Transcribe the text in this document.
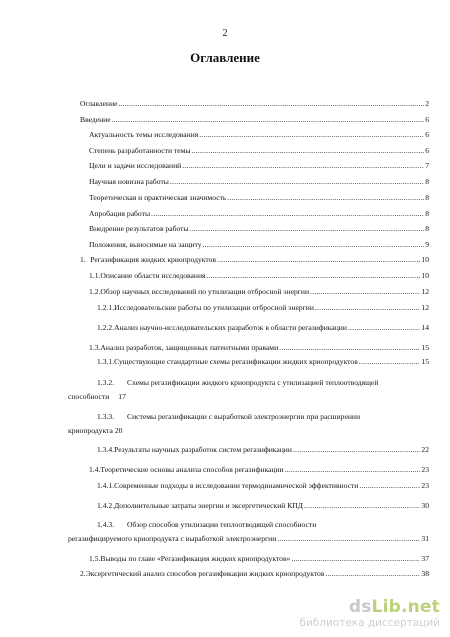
2
Оглавление
Оглавление .....	2
Введение .....	6
Актуальность темы исследования .....	6
Степень разработанности темы .....	6
Цели и задачи исследований .....	7
Научная новизна работы .....	8
Теоретическая и практическая значимость .....	8
Апробация работы .....	8
Внедрение результатов работы .....	8
Положения, выносимые на защиту .....	9
1. Регазификация жидких криопродуктов .....	10
1.1. Описание области исследования .....	10
1.2. Обзор научных исследований по утилизации отбросной энергии .....	12
1.2.1. Исследовательские работы по утилизации отбросной энергии .....	12
1.2.2. Анализ научно-исследовательских разработок в области регазификации .....	14
1.3. Анализ разработок, защищенных патентными правами .....	15
1.3.1. Существующие стандартные схемы регазификации жидких криопродуктов .....	15
1.3.2. Схемы регазификации жидкого криопродукта с утилизацией теплоотводящей
способности 17
1.3.3. Системы регазификации с выработкой электроэнергии при расширении
криопродукта 20
1.3.4. Результаты научных разработок систем регазификации .....	22
1.4. Теоретические основы анализа способов регазификации .....	23
1.4.1. Современные подходы в исследовании термодинамической эффективности .....	23
1.4.2. Дополнительные затраты энергии и эксергетический КПД .....	30
1.4.3. Обзор способов утилизации теплоотводящей способности
регазифицируемого криопродукта с выработкой электроэнергии .....	31
1.5. Выводы по главе «Регазификация жидких криопродуктов» .....	37
2. Эксергетический анализ способов регазификации жидких криопродуктов .....	38
dsLib.net
библиотека диссертаций
